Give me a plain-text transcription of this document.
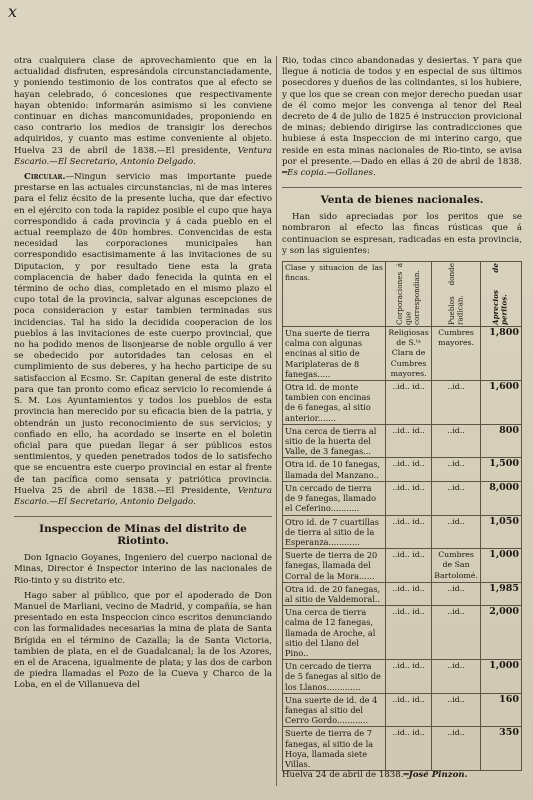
x

otra cualquiera clase de aprovechamiento que en la actualidad disfruten, espresándola circunstanciadamente, y poniendo testimonio de los contratos que al efecto se hayan celebrado, ó concesiones que respectivamente hayan obtenido: informarán asimismo si les conviene continuar en dichas mancomunidades, proponiendo en caso contrario los medios de transigir los derechos adquiridos, y cuanto mas estime conveniente al objeto. Huelva 23 de abril de 1838.—El presidente, Ventura Escario.—El Secretario, Antonio Delgado.

Circular.—Ningun servicio mas importante puede prestarse en las actuales circunstancias, ni de mas interes para el feliz écsito de la presente lucha, que dar efectivo en el ejército con toda la rapidez posible el cupo que haya correspondido á cada provincia y á cada pueblo en el actual reemplazo de 40ᴅ hombres. Convencidas de esta necesidad las corporaciones municipales han correspondido esactisimamente á las invitaciones de su Diputacion, y por resultado tiene esta la grata complacencia de haber dado fenecida la quinta en el término de ocho dias, completado en el mismo plazo el cupo total de la provincia, salvar algunas escepciones de poca consideracion y estar tambien terminadas sus incidencias. Tal ha sido la decidida cooperacion de los pueblos á las invitaciones de este cuerpo provincial, que no ha podido menos de lisonjearse de noble orgullo á ver se obedecido por autoridades tan celosas en el cumplimiento de sus deberes, y ha hecho participe de su satisfaccion al Ecsmo. Sr. Capitan general de este distrito para que tan pronto como eficaz servicio lo recomiende á S. M. Los Ayuntamientos y todos los pueblos de esta provincia han merecido por su eficacia bien de la patria, y obtendrán un justo reconocimiento de sus servicios; y confiado en ello, ha acordado se inserte en el boletin oficial para que puedan llegar á ser públicos estos sentimientos, y queden penetrados todos de lo satisfecho que se encuentra este cuerpo provincial en estar al frente de tan pacífica como sensata y patriótica provincia. Huelva 25 de abril de 1838.—El Presidente, Ventura Escario.—El Secretario, Antonio Delgado.

Inspeccion de Minas del distrito de Riotinto.

Don Ignacio Goyanes, Ingeniero del cuerpo nacional de Minas, Director é Inspector interino de las nacionales de Rio-tinto y su distrito etc.

Hago saber al público, que por el apoderado de Don Manuel de Marliani, vecino de Madrid, y compañía, se han presentado en esta Inspeccion cinco escritos denunciando con las formalidades necesarias la mina de plata de Santa Brígida en el término de Cazalla; la de Santa Victoria, tambien de plata, en el de Guadalcanal; la de los Azores, en el de Aracena, igualmente de plata; y las dos de carbon de piedra llamadas el Pozo de la Cueva y Charco de la Loba, en el de Villanueva del

Rio, todas cinco abandonadas y desiertas. Y para que llegue á noticia de todos y en especial de sus últimos posecdores y dueños de las colindantes, si los hubiere, y que los que se crean con mejor derecho puedan usar de él como mejor les convenga al tenor del Real decreto de 4 de julio de 1825 é instruccion provicional de minas; debiendo dirigirse las contradicciones que hubiese á esta Inspeccion de mi interino cargo, que reside en esta minas nacionales de Rio-tinto, se avisa por el presente.—Dado en ellas á 20 de abril de 1838. ═Es copia.—Gollanes.

Venta de bienes nacionales.

Han sido apreciadas por los peritos que se nombraron al efecto las fincas rústicas que á continuacion se espresan, radicadas en esta provincia, y son las siguientes:

Clase y situacion de las fincas.	Corporaciones á que correspondian.	Pueblos donde radican.	Aprecios de peritos.

Una suerte de tierra calma con algunas encinas al sitio de Mariplateras de 8 fanegas.....	Religiosas de S.ᵗᵃ Clara de Cumbres mayores.	Cumbres mayores.	1,800
Otra id. de monte tambien con encinas de 6 fanegas, al sitio anterior.......	..id.. id..	..id..	1,600
Una cerca de tierra al sitio de la huerta del Valle, de 3 fanegas...	..id.. id..	..id..	800
Otra id. de 10 fanegas, llamada del Manzano..	..id.. id..	..id..	1,500
Un cercado de tierra de 9 fanegas, llamado el Ceferino...........	..id.. id..	..id..	8,000
Otro id. de 7 cuartillas de tierra al sitio de la Esperanza............	..id.. id..	..id..	1,050
Suerte de tierra de 20 fanegas, llamada del Corral de la Mora......	..id.. id..	Cumbres de San Bartolomé.	1,000
Otra id. de 20 fanegas, al sitio de Valdemoral..	..id.. id..	..id..	1,985
Una cerca de tierra calma de 12 fanegas, llamada de Aroche, al sitio del Llano del Pino..	..id.. id..	..id..	2,000
Un cercado de tierra de 5 fanegas al sitio de los Llanos.............	..id.. id..	..id..	1,000
Una suerte de id. de 4 fanegas al sitio del Cerro Gordo............	..id.. id..	..id..	160
Suerte de tierra de 7 fanegas, al sitio de la Hoya, llamada siete Villas.	..id.. id..	..id..	350
Huelva 24 de abril de 1838.═José Pinzon.
